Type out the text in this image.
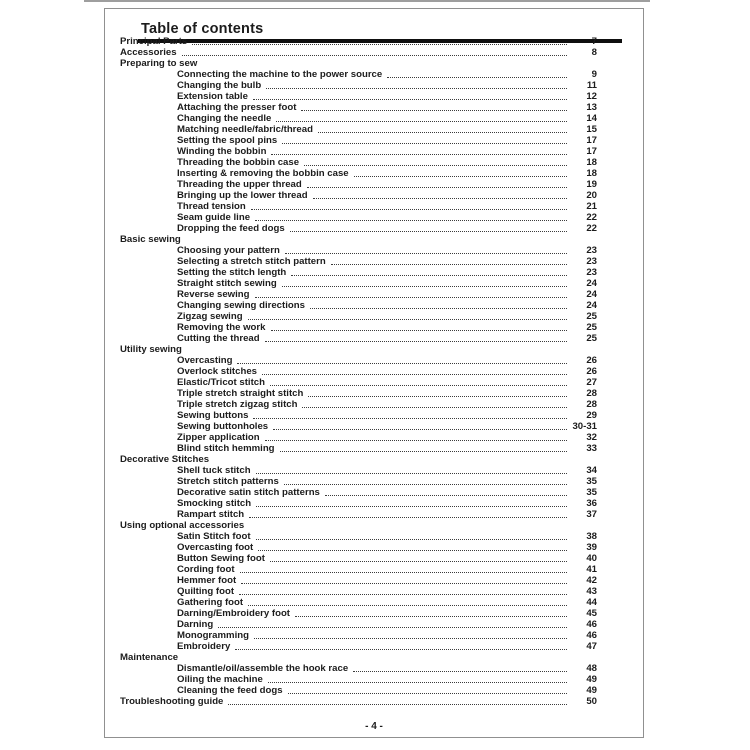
Table of contents
Principal Parts	7
Accessories	8
Preparing to sew
Connecting the machine to the power source	9
Changing the bulb	11
Extension table	12
Attaching the presser foot	13
Changing the needle	14
Matching needle/fabric/thread	15
Setting the spool pins	17
Winding the bobbin	17
Threading the bobbin case	18
Inserting & removing the bobbin case	18
Threading the upper thread	19
Bringing up the lower thread	20
Thread tension	21
Seam guide line	22
Dropping the feed dogs	22
Basic sewing
Choosing your pattern	23
Selecting a stretch stitch pattern	23
Setting the stitch length	23
Straight stitch sewing	24
Reverse sewing	24
Changing sewing directions	24
Zigzag sewing	25
Removing the work	25
Cutting the thread	25
Utility sewing
Overcasting	26
Overlock stitches	26
Elastic/Tricot stitch	27
Triple stretch straight stitch	28
Triple stretch zigzag stitch	28
Sewing buttons	29
Sewing buttonholes	30-31
Zipper application	32
Blind stitch hemming	33
Decorative Stitches
Shell tuck stitch	34
Stretch stitch patterns	35
Decorative satin stitch patterns	35
Smocking stitch	36
Rampart stitch	37
Using optional accessories
Satin Stitch foot	38
Overcasting foot	39
Button Sewing foot	40
Cording foot	41
Hemmer foot	42
Quilting foot	43
Gathering foot	44
Darning/Embroidery foot	45
Darning	46
Monogramming	46
Embroidery	47
Maintenance
Dismantle/oil/assemble the hook race	48
Oiling the machine	49
Cleaning the feed dogs	49
Troubleshooting guide	50
- 4 -
